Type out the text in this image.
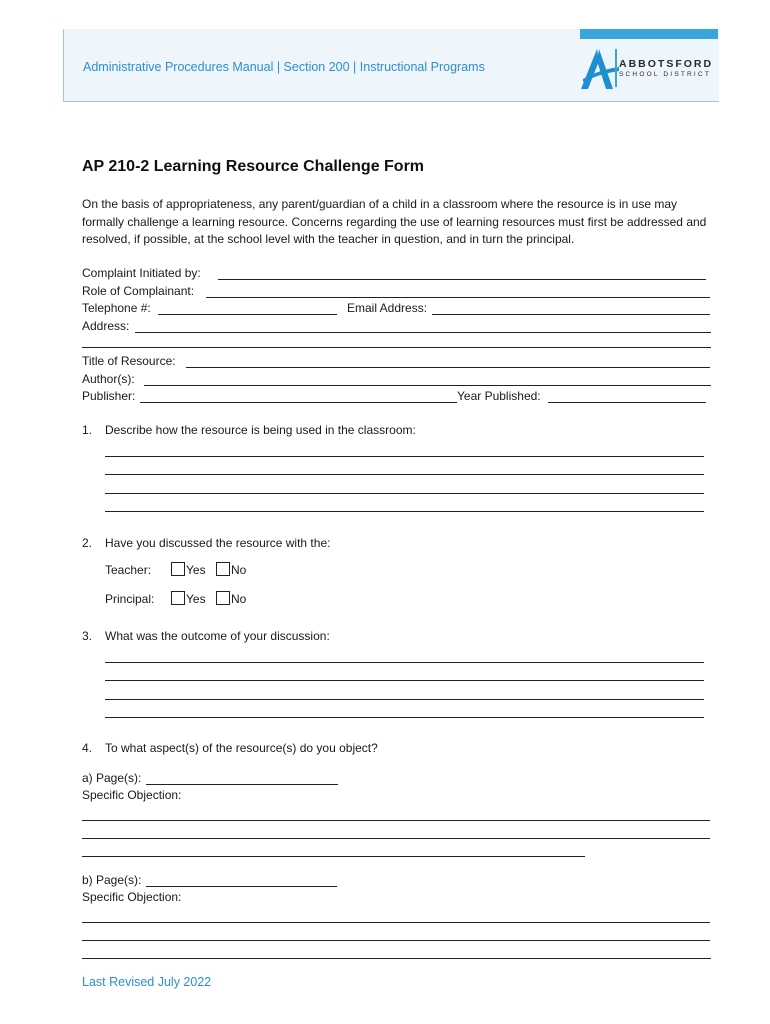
Administrative Procedures Manual | Section 200 | Instructional Programs	ABBOTSFORD
SCHOOL DISTRICT
AP 210-2 Learning Resource Challenge Form

On the basis of appropriateness, any parent/guardian of a child in a classroom where the resource is in use may formally challenge a learning resource. Concerns regarding the use of learning resources must first be addressed and resolved, if possible, at the school level with the teacher in question, and in turn the principal.

Complaint Initiated by:
Role of Complainant:
Telephone #:	Email Address:
Address:
Title of Resource:
Author(s):
Publisher:	Year Published:
1. Describe how the resource is being used in the classroom:
2. Have you discussed the resource with the:
Teacher:	Yes No
Principal:	Yes No
3. What was the outcome of your discussion:
4. To what aspect(s) of the resource(s) do you object?
a) Page(s):
Specific Objection:
b) Page(s):
Specific Objection:
Last Revised July 2022
